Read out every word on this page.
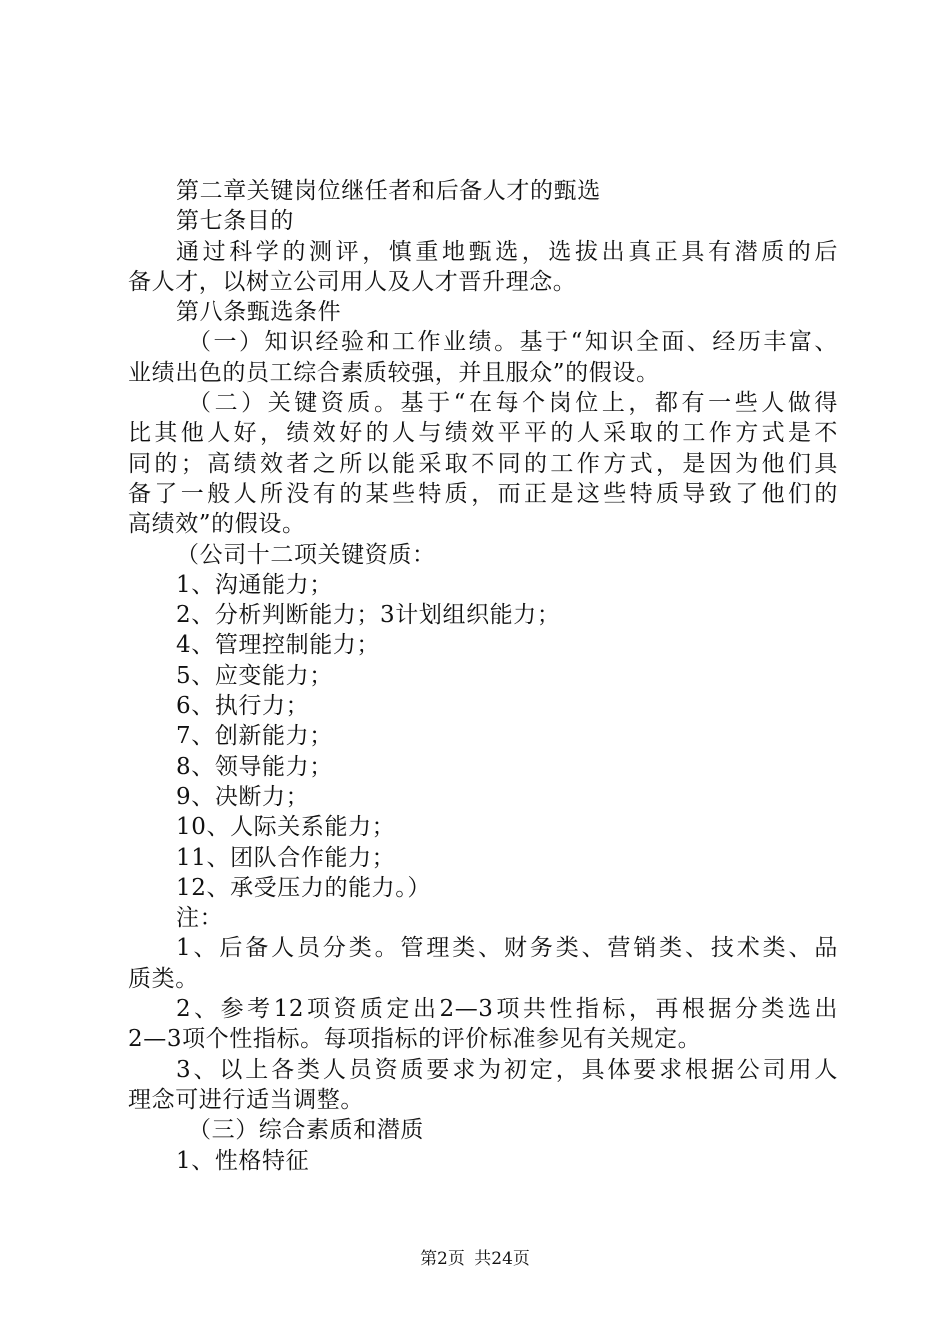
第二章关键岗位继任者和后备人才的甄选
第七条目的
通过科学的测评，慎重地甄选，选拔出真正具有潜质的后
备人才，以树立公司用人及人才晋升理念。
第八条甄选条件
（一）知识经验和工作业绩。基于“知识全面、经历丰富、
业绩出色的员工综合素质较强，并且服众”的假设。
（二）关键资质。基于“在每个岗位上，都有一些人做得
比其他人好，绩效好的人与绩效平平的人采取的工作方式是不
同的；高绩效者之所以能采取不同的工作方式，是因为他们具
备了一般人所没有的某些特质，而正是这些特质导致了他们的
高绩效”的假设。
（公司十二项关键资质：
1、沟通能力；
2、分析判断能力；3计划组织能力；
4、管理控制能力；
5、应变能力；
6、执行力；
7、创新能力；
8、领导能力；
9、决断力；
10、人际关系能力；
11、团队合作能力；
12、承受压力的能力。）
注：
1、后备人员分类。管理类、财务类、营销类、技术类、品
质类。
2、参考12项资质定出2—3项共性指标，再根据分类选出
2—3项个性指标。每项指标的评价标准参见有关规定。
3、以上各类人员资质要求为初定，具体要求根据公司用人
理念可进行适当调整。
（三）综合素质和潜质
1、性格特征
第2页 共24页
